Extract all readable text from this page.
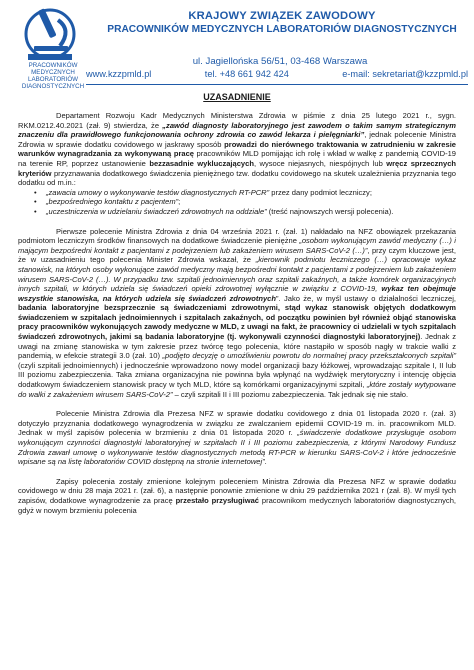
PRACOWNIKÓW
MEDYCZNYCH
LABORATORIÓW
DIAGNOSTYCZNYCH
KRAJOWY ZWIĄZEK ZAWODOWY
PRACOWNIKÓW MEDYCZNYCH LABORATORIÓW DIAGNOSTYCZNYCH
ul. Jagiellońska 56/51, 03-468 Warszawa
www.kzzpmld.pl	tel. +48 661 942 424	e-mail: sekretariat@kzzpmld.pl
UZASADNIENIE

Departament Rozwoju Kadr Medycznych Ministerstwa Zdrowia w piśmie z dnia 25 lutego 2021 r., sygn. RKM.0212.40.2021 (zał. 9) stwierdza, że „zawód diagnosty laboratoryjnego jest zawodem o takim samym strategicznym znaczeniu dla prawidłowego funkcjonowania ochrony zdrowia co zawód lekarza i pielęgniarki”, jednak polecenie Ministra Zdrowia w sprawie dodatku covidowego w jaskrawy sposób prowadzi do nierównego traktowania w zatrudnieniu w zakresie warunków wynagradzania za wykonywaną pracę pracowników MLD pomijając ich rolę i wkład w walkę z pandemią COVID-19 na terenie RP, poprzez ustanowienie bezzasadnie wykluczających, wysoce niejasnych, niespójnych lub wręcz sprzecznych kryteriów przyznawania dodatkowego świadczenia pieniężnego tzw. dodatku covidowego na skutek uzależnienia przyznania tego dodatku od m.in.:

• „zawacia umowy o wykonywanie testów diagnostycznych RT-PCR” przez dany podmiot leczniczy;
• „bezpośredniego kontaktu z pacjentem”;
• „uczestniczenia w udzielaniu świadczeń zdrowotnych na oddziale” (treść najnowszych wersji polecenia).

Pierwsze polecenie Ministra Zdrowia z dnia 04 września 2021 r. (zał. 1) nakładało na NFZ obowiązek przekazania podmiotom leczniczym środków finansowych na dodatkowe świadczenie pieniężne „osobom wykonującym zawód medyczny (…) i mającym bezpośredni kontakt z pacjentami z podejrzeniem lub zakażeniem wirusem SARS-CoV-2 (…)”, przy czym kluczowe jest, że w uzasadnieniu tego polecenia Minister Zdrowia wskazał, że „kierownik podmiotu leczniczego (…) opracowuje wykaz stanowisk, na których osoby wykonujące zawód medyczny mają bezpośredni kontakt z pacjentami z podejrzeniem lub zakażeniem wirusem SARS-CoV-2 (…). W przypadku tzw. szpitali jednoimiennych oraz szpitali zakaźnych, a także komórek organizacyjnych innych szpitali, w których udziela się świadczeń opieki zdrowotnej wyłącznie w związku z COVID-19, wykaz ten obejmuje wszystkie stanowiska, na których udziela się świadczeń zdrowotnych”. Jako że, w myśl ustawy o działalności leczniczej, badania laboratoryjne bezsprzecznie są świadczeniami zdrowotnymi, stąd wykaz stanowisk objętych dodatkowym świadczeniem w szpitalach jednoimiennych i szpitalach zakaźnych, od początku powinien był również objąć stanowiska pracy pracowników wykonujących zawody medyczne w MLD, z uwagi na fakt, że pracownicy ci udzielali w tych szpitalach świadczeń zdrowotnych, jakimi są badania laboratoryjne (tj. wykonywali czynności diagnostyki laboratoryjnej). Jednak z uwagi na zmianę stanowiska w tym zakresie przez twórcę tego polecenia, które nastąpiło w sposób nagły w trakcie walki z pandemią, w efekcie strategii 3.0 (zał. 10) „podjęto decyzję o umożliwieniu powrotu do normalnej pracy przekształconych szpitali” (czyli szpitali jednoimiennych) i jednocześnie wprowadzono nowy model organizacji bazy łóżkowej, wprowadzając szpitale I, II lub III poziomu zabezpieczenia. Taka zmiana organizacyjna nie powinna była wpłynąć na wydźwięk merytoryczny i intencję objęcia dodatkowym świadczeniem stanowisk pracy w tych MLD, które są komórkami organizacyjnymi szpitali, „które zostały wytypowane do walki z zakażeniem wirusem SARS-CoV-2” – czyli szpitali II i III poziomu zabezpieczenia. Tak jednak się nie stało.

Polecenie Ministra Zdrowia dla Prezesa NFZ w sprawie dodatku covidowego z dnia 01 listopada 2020 r. (zał. 3) dotyczyło przyznania dodatkowego wynagrodzenia w związku ze zwalczaniem epidemii COVID-19 m. in. pracownikom MLD. Jednak w myśl zapisów polecenia w brzmieniu z dnia 01 listopada 2020 r. „świadczenie dodatkowe przysługuje osobom wykonującym czynności diagnostyki laboratoryjnej w szpitalach II i III poziomu zabezpieczenia, z którymi Narodowy Fundusz Zdrowia zawarł umowę o wykonywanie testów diagnostycznych metodą RT-PCR w kierunku SARS-CoV-2 i które jednocześnie wpisane są na listę laboratoriów COVID dostępną na stronie internetowej”.

Zapisy polecenia zostały zmienione kolejnym poleceniem Ministra Zdrowia dla Prezesa NFZ w sprawie dodatku covidowego w dniu 28 maja 2021 r. (zał. 6), a następnie ponownie zmienione w dniu 29 października 2021 r (zał. 8). W myśl tych zapisów, dodatkowe wynagrodzenie za pracę przestało przysługiwać pracownikom medycznych laboratoriów diagnostycznych, gdyż w nowym brzmieniu polecenia
